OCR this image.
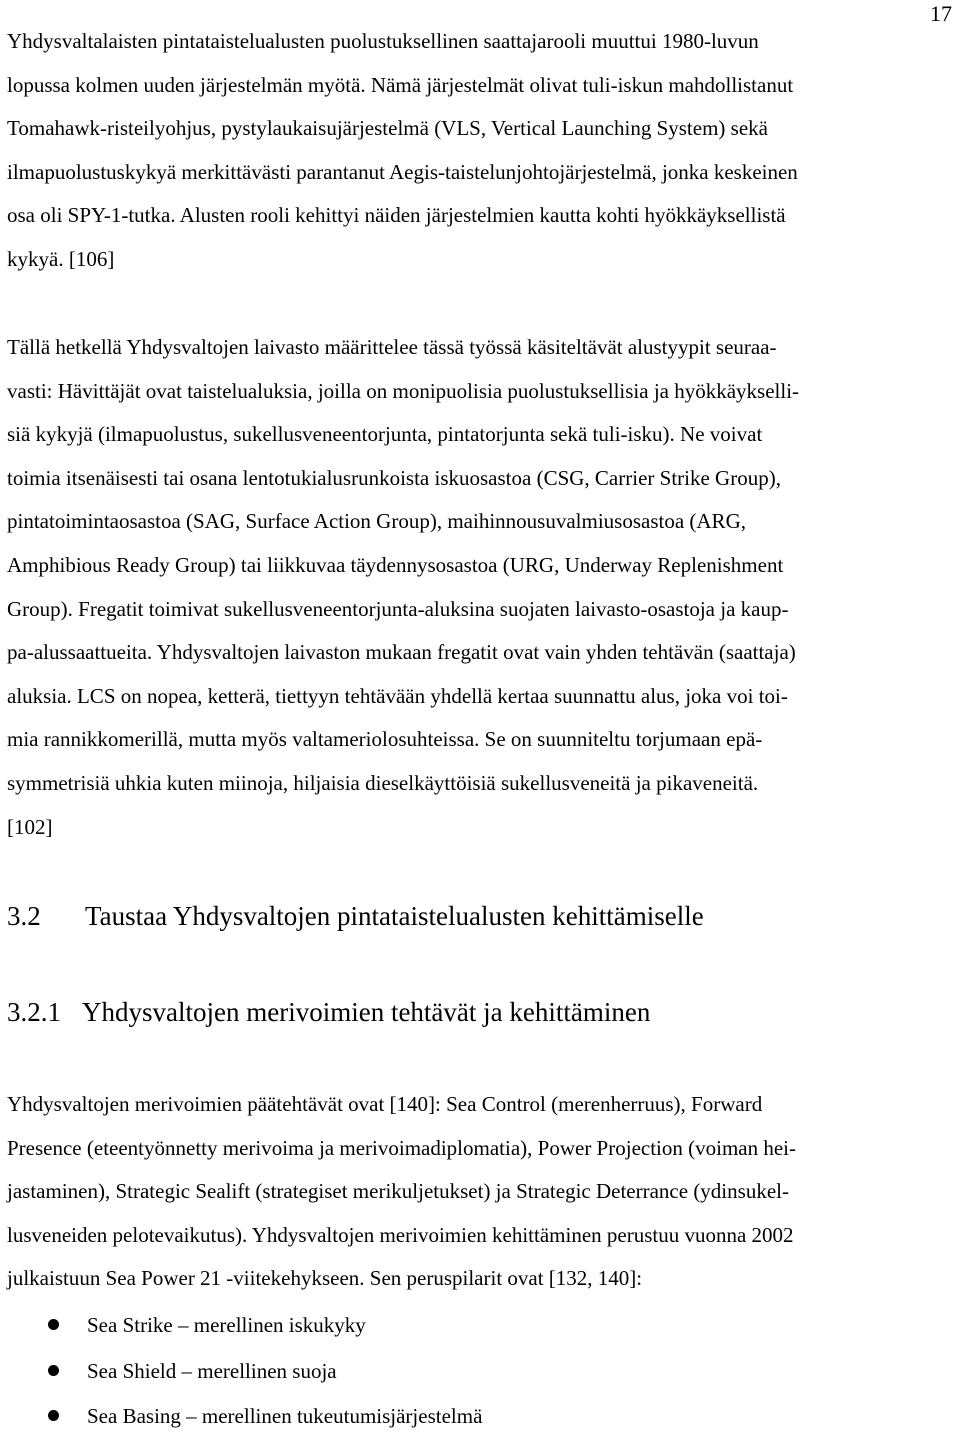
17

Yhdysvaltalaisten pintataistelualusten puolustuksellinen saattajarooli muuttui 1980-luvun
lopussa kolmen uuden järjestelmän myötä. Nämä järjestelmät olivat tuli-iskun mahdollistanut
Tomahawk-risteilyohjus, pystylaukaisujärjestelmä (VLS, Vertical Launching System) sekä
ilmapuolustuskykyä merkittävästi parantanut Aegis-taistelunjohtojärjestelmä, jonka keskeinen
osa oli SPY-1-tutka. Alusten rooli kehittyi näiden järjestelmien kautta kohti hyökkäyksellistä
kykyä. [106]

Tällä hetkellä Yhdysvaltojen laivasto määrittelee tässä työssä käsiteltävät alustyypit seuraa-
vasti: Hävittäjät ovat taistelualuksia, joilla on monipuolisia puolustuksellisia ja hyökkäykselli-
siä kykyjä (ilmapuolustus, sukellusveneentorjunta, pintatorjunta sekä tuli-isku). Ne voivat
toimia itsenäisesti tai osana lentotukialusrunkoista iskuosastoa (CSG, Carrier Strike Group),
pintatoimintaosastoa (SAG, Surface Action Group), maihinnousuvalmiusosastoa (ARG,
Amphibious Ready Group) tai liikkuvaa täydennysosastoa (URG, Underway Replenishment
Group). Fregatit toimivat sukellusveneentorjunta-aluksina suojaten laivasto-osastoja ja kaup-
pa-alussaattueita. Yhdysvaltojen laivaston mukaan fregatit ovat vain yhden tehtävän (saattaja)
aluksia. LCS on nopea, ketterä, tiettyyn tehtävään yhdellä kertaa suunnattu alus, joka voi toi-
mia rannikkomerillä, mutta myös valtameriolosuhteissa. Se on suunniteltu torjumaan epä-
symmetrisiä uhkia kuten miinoja, hiljaisia dieselkäyttöisiä sukellusveneitä ja pikaveneitä.
[102]

3.2 Taustaa Yhdysvaltojen pintataistelualusten kehittämiselle
3.2.1 Yhdysvaltojen merivoimien tehtävät ja kehittäminen

Yhdysvaltojen merivoimien päätehtävät ovat [140]: Sea Control (merenherruus), Forward
Presence (eteentyönnetty merivoima ja merivoimadiplomatia), Power Projection (voiman hei-
jastaminen), Strategic Sealift (strategiset merikuljetukset) ja Strategic Deterrance (ydinsukel-
lusveneiden pelotevaikutus). Yhdysvaltojen merivoimien kehittäminen perustuu vuonna 2002
julkaistuun Sea Power 21 -viitekehykseen. Sen peruspilarit ovat [132, 140]:

Sea Strike – merellinen iskukyky
Sea Shield – merellinen suoja
Sea Basing – merellinen tukeutumisjärjestelmä
